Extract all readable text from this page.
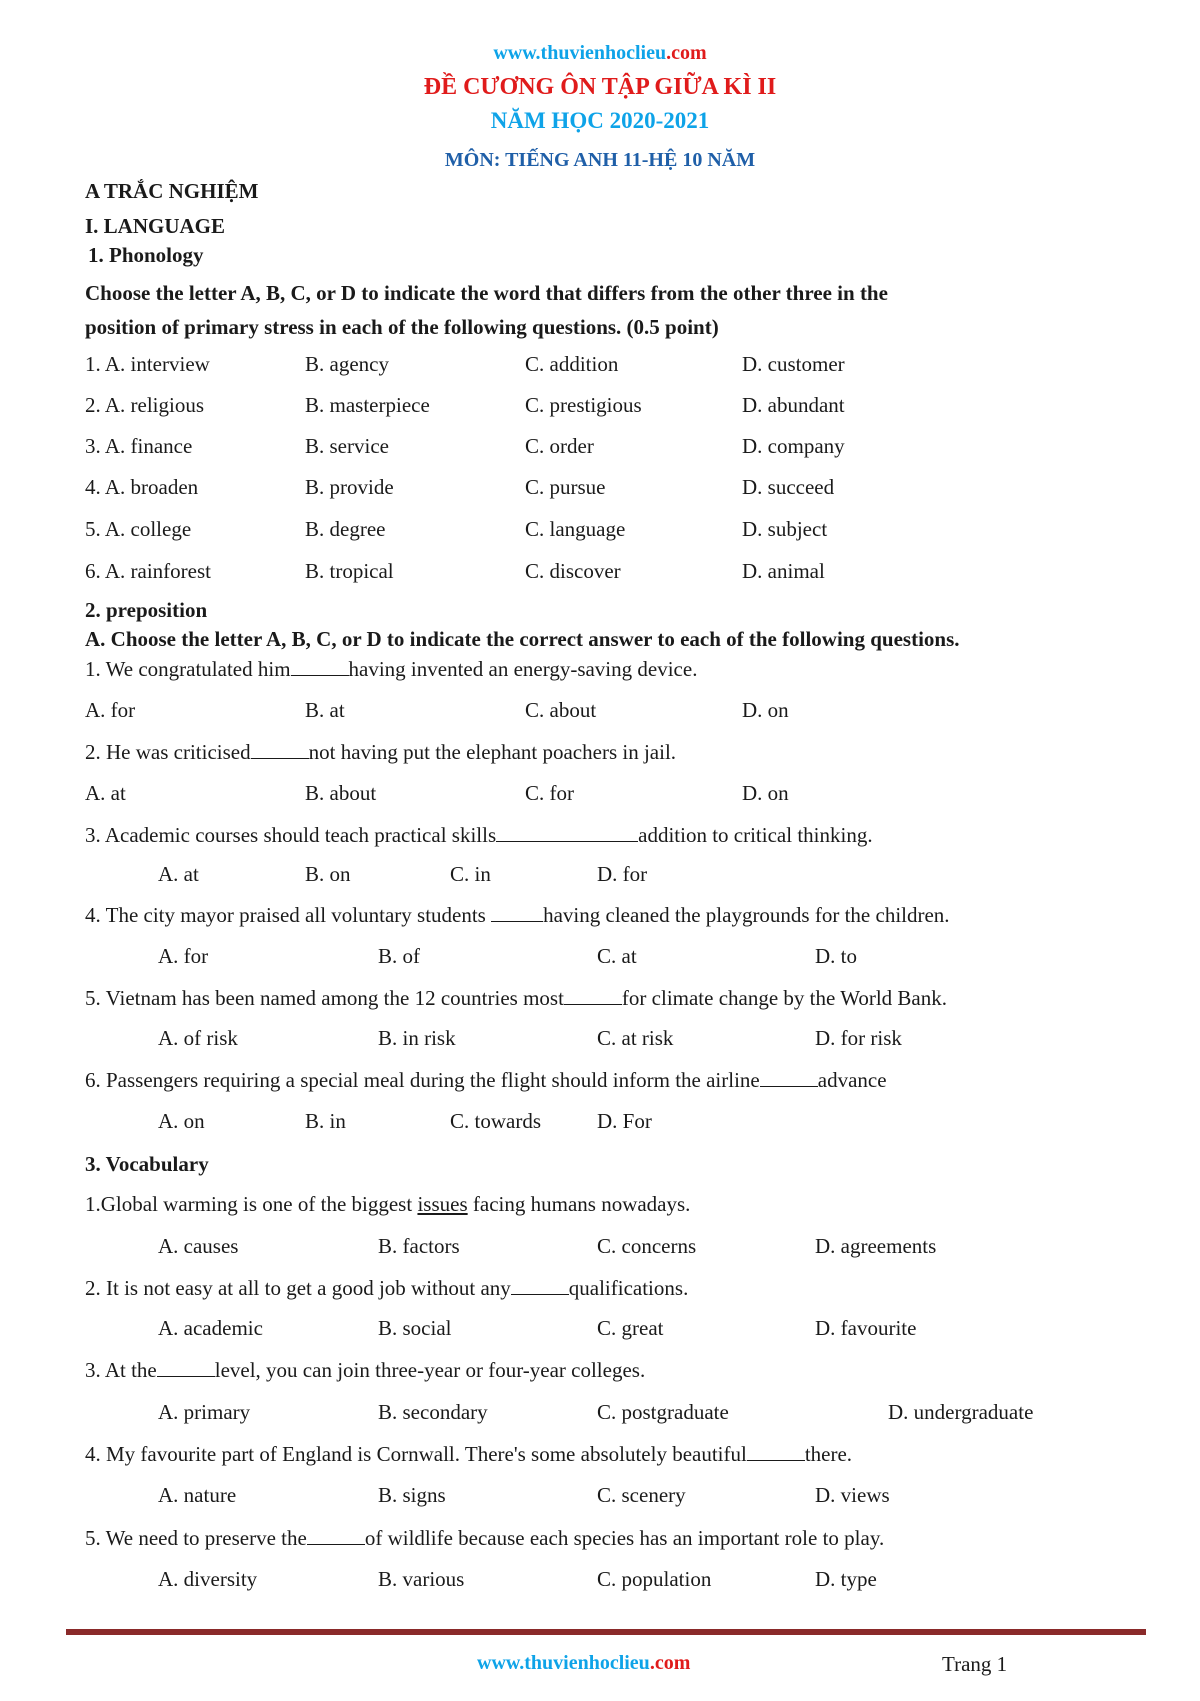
www.thuvienhoclieu.com
ĐỀ CƯƠNG ÔN TẬP GIỮA KÌ II
NĂM HỌC 2020-2021
MÔN: TIẾNG ANH 11-HỆ 10 NĂM
A TRẮC NGHIỆM
I. LANGUAGE
1. Phonology
Choose the letter A, B, C, or D to indicate the word that differs from the other three in the
position of primary stress in each of the following questions. (0.5 point)
1. A. interview	B. agency	C. addition	D. customer
2. A. religious	B. masterpiece	C. prestigious	D. abundant
3. A. finance	B. service	C. order	D. company
4. A. broaden	B. provide	C. pursue	D. succeed
5. A. college	B. degree	C. language	D. subject
6. A. rainforest	B. tropical	C. discover	D. animal
2. preposition
A. Choose the letter A, B, C, or D to indicate the correct answer to each of the following questions.
1. We congratulated him	having invented an energy-saving device.
A. for	B. at	C. about	D. on
2. He was criticised	not having put the elephant poachers in jail.
A. at	B. about	C. for	D. on
3. Academic courses should teach practical skills	addition to critical thinking.
A. at	B. on	C. in	D. for
4. The city mayor praised all voluntary students having cleaned the playgrounds for the children.
A. for	B. of	C. at	D. to
5. Vietnam has been named among the 12 countries most	for climate change by the World Bank.
A. of risk	B. in risk	C. at risk	D. for risk
6. Passengers requiring a special meal during the flight should inform the airline	advance
A. on	B. in	C. towards	D. For
3. Vocabulary
1.Global warming is one of the biggest issues facing humans nowadays.
A. causes	B. factors	C. concerns	D. agreements
2. It is not easy at all to get a good job without any	qualifications.
A. academic	B. social	C. great	D. favourite
3. At the	level, you can join three-year or four-year colleges.
A. primary	B. secondary	C. postgraduate	D. undergraduate
4. My favourite part of England is Cornwall. There's some absolutely beautiful	there.
A. nature	B. signs	C. scenery	D. views
5. We need to preserve the	of wildlife because each species has an important role to play.
A. diversity	B. various	C. population	D. type
www.thuvienhoclieu.com	Trang 1
